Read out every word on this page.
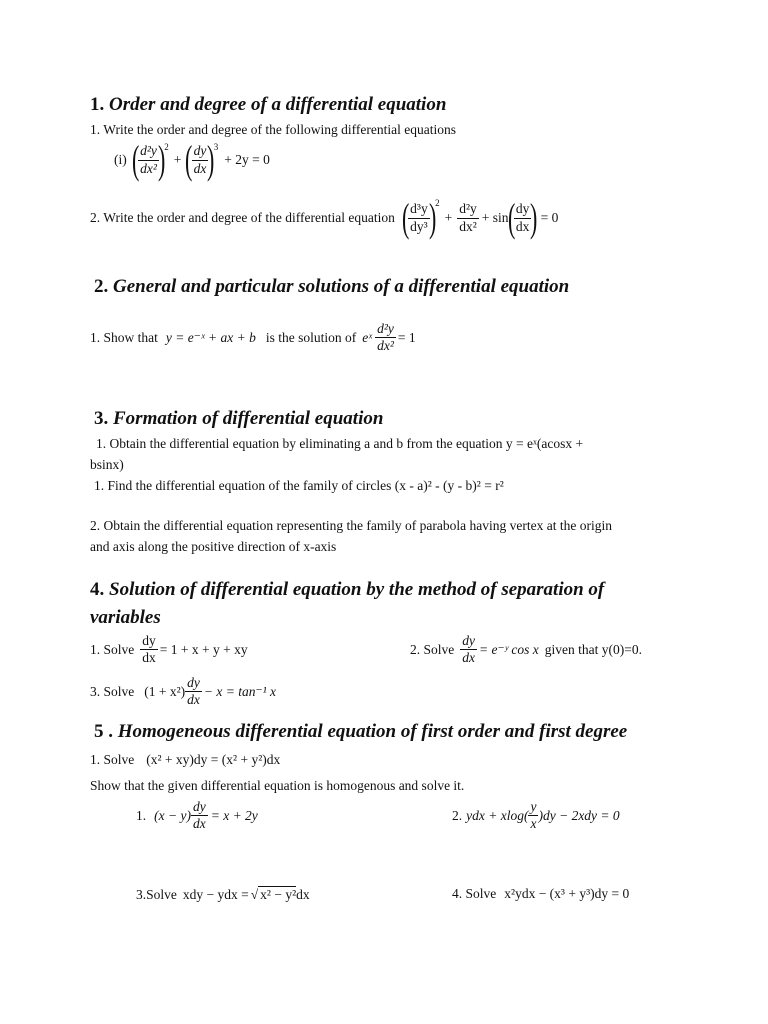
1. Order and degree of a differential equation
1. Write the order and degree of the following differential equations
(i) (
$\frac{\text{d²y}}{\text{dx²}}$
)
2
+ (
$\frac{dy}{dx}$
)
3
+ 2y = 0
2. Write the order and degree of the differential equation (
$\frac{\text{d³y}}{\text{dy³}}$
)
2
+ $\frac{\text{d²y}}{\text{dx²}} + \sin$
(
$\frac{dy}{dx}$
) = 0
2. General and particular solutions of a differential equation
1. Show that y = e⁻ˣ + ax + b is the solution of eˣ $\frac{\text{d²y}}{\text{dx²}} = 1$
3. Formation of differential equation
1. Obtain the differential equation by eliminating a and b from the equation y = eˣ(acosx +
bsinx)
1. Find the differential equation of the family of circles (x - a)² - (y - b)² = r²
2. Obtain the differential equation representing the family of parabola having vertex at the origin
and axis along the positive direction of x-axis
4. Solution of differential equation by the method of separation of
variables
1. Solve $\frac{dy}{dx} = 1 + x + y$ + xy	2. Solve $\frac{dy}{dx}$ = e⁻ʸ cos x given that y(0)=0.
3. Solve $(1 + x^2) \frac{dy}{dx} - x = \tan^{-1}$ x
5 . Homogeneous differential equation of first order and first degree
1. Solve (x² + xy)dy = (x² + y²)dx
Show that the given differential equation is homogenous and solve it.
1. $(x - y) \frac{dy}{dx} = x + 2y$	2. ydx + $xlog( \frac{y}{x} )dy - 2xdy = 0$
3.Solve xdy − ydx = √ x² − y² dx	4. Solve x²ydx − (x³ + y³)dy = 0
